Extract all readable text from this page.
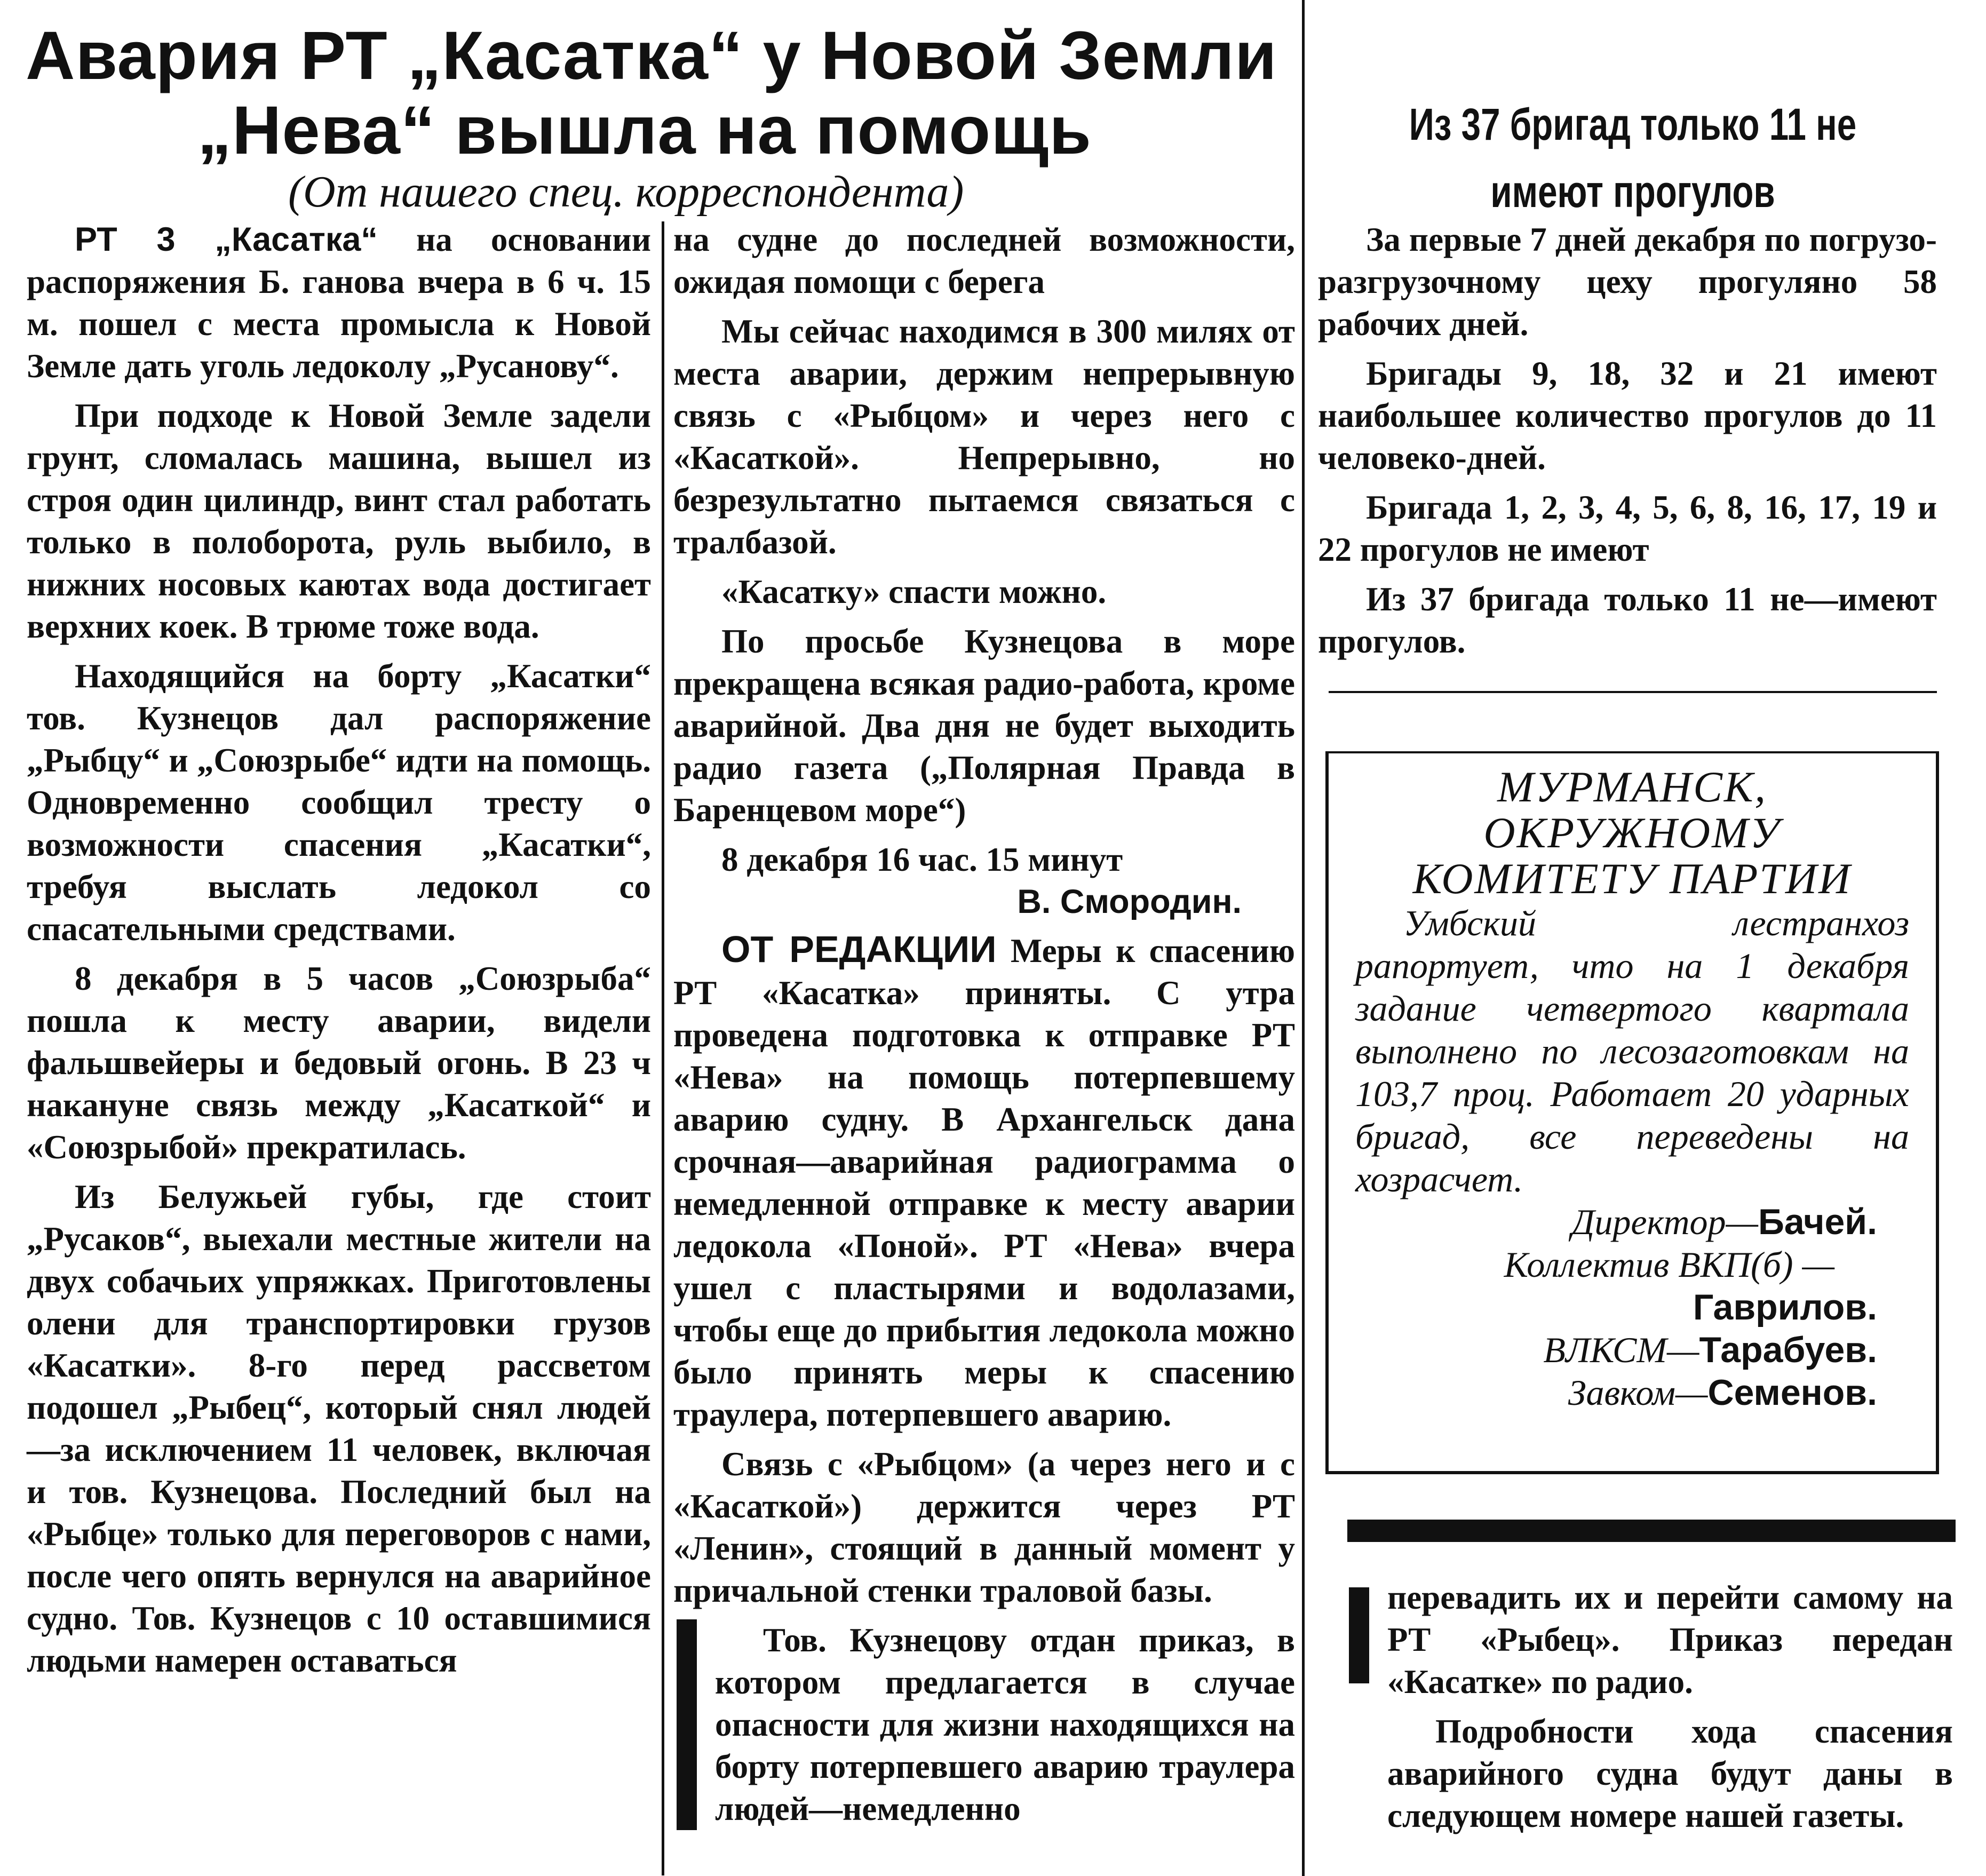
Авария РТ „Касатка“ у Новой Земли
„Нева“ вышла на помощь
(От нашего спец. корреспондента)

РТ 3 „Касатка“ на основании распоряжения Б. ганова вчера в 6 ч. 15 м. пошел с места промысла к Новой Земле дать уголь ледоколу „Русанову“.

При подходе к Новой Земле задели грунт, сломалась машина, вышел из строя один цилиндр, винт стал работать только в полоборота, руль выбило, в нижних носовых каютах вода достигает верхних коек. В трюме тоже вода.

Находящийся на борту „Касатки“ тов. Кузнецов дал распоряжение „Рыбцу“ и „Союзрыбе“ идти на помощь. Одновременно сообщил тресту о возможности спасения „Касатки“, требуя выслать ледокол со спасательными средствами.

8 декабря в 5 часов „Союзрыба“ пошла к месту аварии, видели фальшвейеры и бедовый огонь. В 23 ч накануне связь между „Касаткой“ и «Союзрыбой» прекратилась.

Из Белужьей губы, где стоит „Русаков“, выехали местные жители на двух собачьих упряжках. Приготовлены олени для транспортировки грузов «Касатки». 8-го перед рассветом подошел „Рыбец“, который снял людей—за исключением 11 человек, включая и тов. Кузнецова. Последний был на «Рыбце» только для переговоров с нами, после чего опять вернулся на аварийное судно. Тов. Кузнецов с 10 оставшимися людьми намерен оставаться

на судне до последней возможности, ожидая помощи с берега

Мы сейчас находимся в 300 милях от места аварии, держим непрерывную связь с «Рыбцом» и через него с «Касаткой». Непрерывно, но безрезультатно пытаемся связаться с тралбазой.

«Касатку» спасти можно.

По просьбе Кузнецова в море прекращена всякая радио-работа, кроме аварийной. Два дня не будет выходить радио газета („Полярная Правда в Баренцевом море“)

8 декабря 16 час. 15 минут

В. Смородин.

ОТ РЕДАКЦИИ Меры к спасению РТ «Касатка» приняты. С утра проведена подготовка к отправке РТ «Нева» на помощь потерпевшему аварию судну. В Архангельск дана срочная—аварийная радиограмма о немедленной отправке к месту аварии ледокола «Поной». РТ «Нева» вчера ушел с пластырями и водолазами, чтобы еще до прибытия ледокола можно было принять меры к спасению траулера, потерпевшего аварию.

Связь с «Рыбцом» (а через него и с «Касаткой») держится через РТ «Ленин», стоящий в данный момент у причальной стенки траловой базы.

Тов. Кузнецову отдан приказ, в котором предлагается в случае опасности для жизни находящихся на борту потерпевшего аварию траулера людей—немедленно

Из 37 бригад только 11 не имеют прогулов

За первые 7 дней декабря по погрузо-разгрузочному цеху прогуляно 58 рабочих дней.

Бригады 9, 18, 32 и 21 имеют наибольшее количество прогулов до 11 человеко-дней.

Бригада 1, 2, 3, 4, 5, 6, 8, 16, 17, 19 и 22 прогулов не имеют

Из 37 бригада только 11 не—имеют прогулов.

МУРМАНСК, ОКРУЖНОМУ КОМИТЕТУ ПАРТИИ

Умбский лестранхоз рапортует, что на 1 декабря задание четвертого квартала выполнено по лесозаготовкам на 103,7 проц. Работает 20 ударных бригад, все переведены на хозрасчет.

Директор—Бачей.
Коллектив ВКП(б) —
Гаврилов.
ВЛКСМ—Тарабуев.
Завком—Семенов.

перевадить их и перейти самому на РТ «Рыбец». Приказ передан «Касатке» по радио.

Подробности хода спасения аварийного судна будут даны в следующем номере нашей газеты.
